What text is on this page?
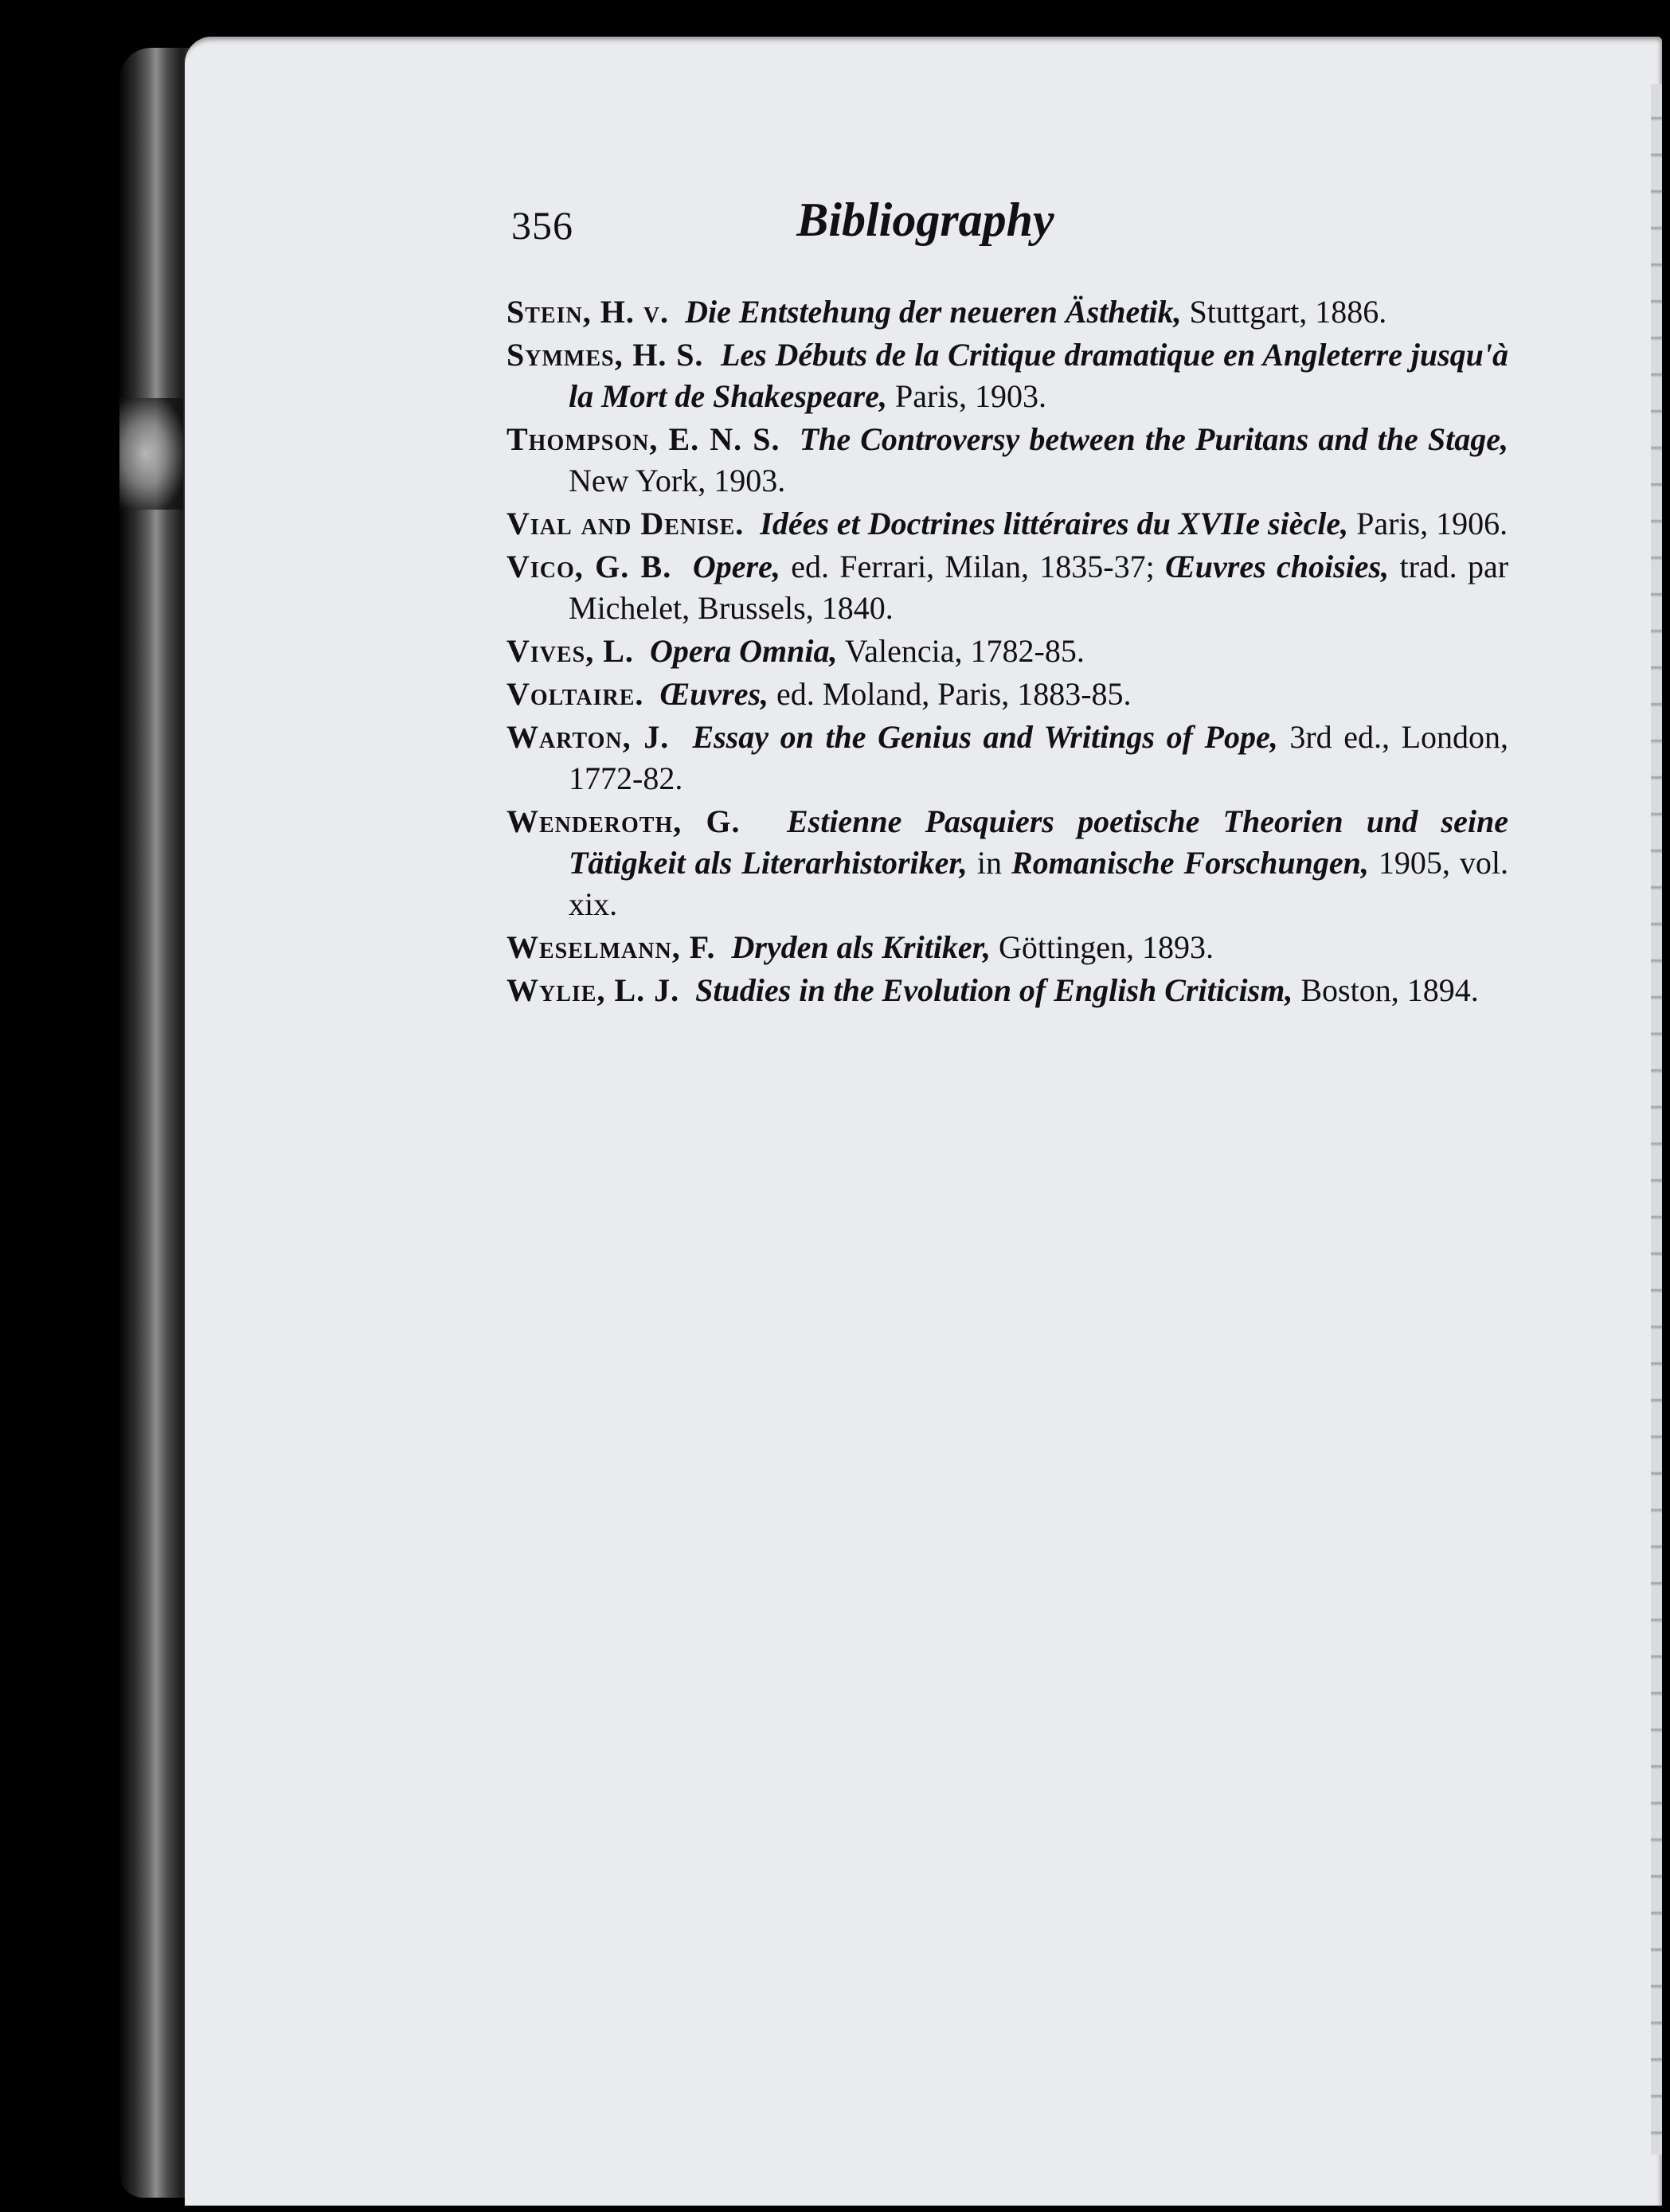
356	Bibliography

Stein, H. v. Die Entstehung der neueren Ästhetik, Stuttgart, 1886.

Symmes, H. S. Les Débuts de la Critique dramatique en Angleterre jusqu'à la Mort de Shakespeare, Paris, 1903.

Thompson, E. N. S. The Controversy between the Puritans and the Stage, New York, 1903.

Vial and Denise. Idées et Doctrines littéraires du XVIIe siècle, Paris, 1906.

Vico, G. B. Opere, ed. Ferrari, Milan, 1835-37; Œuvres choisies, trad. par Michelet, Brussels, 1840.

Vives, L. Opera Omnia, Valencia, 1782-85.

Voltaire. Œuvres, ed. Moland, Paris, 1883-85.

Warton, J. Essay on the Genius and Writings of Pope, 3rd ed., London, 1772-82.

Wenderoth, G. Estienne Pasquiers poetische Theorien und seine Tätigkeit als Literarhistoriker, in Romanische Forschungen, 1905, vol. xix.

Weselmann, F. Dryden als Kritiker, Göttingen, 1893.

Wylie, L. J. Studies in the Evolution of English Criticism, Boston, 1894.
